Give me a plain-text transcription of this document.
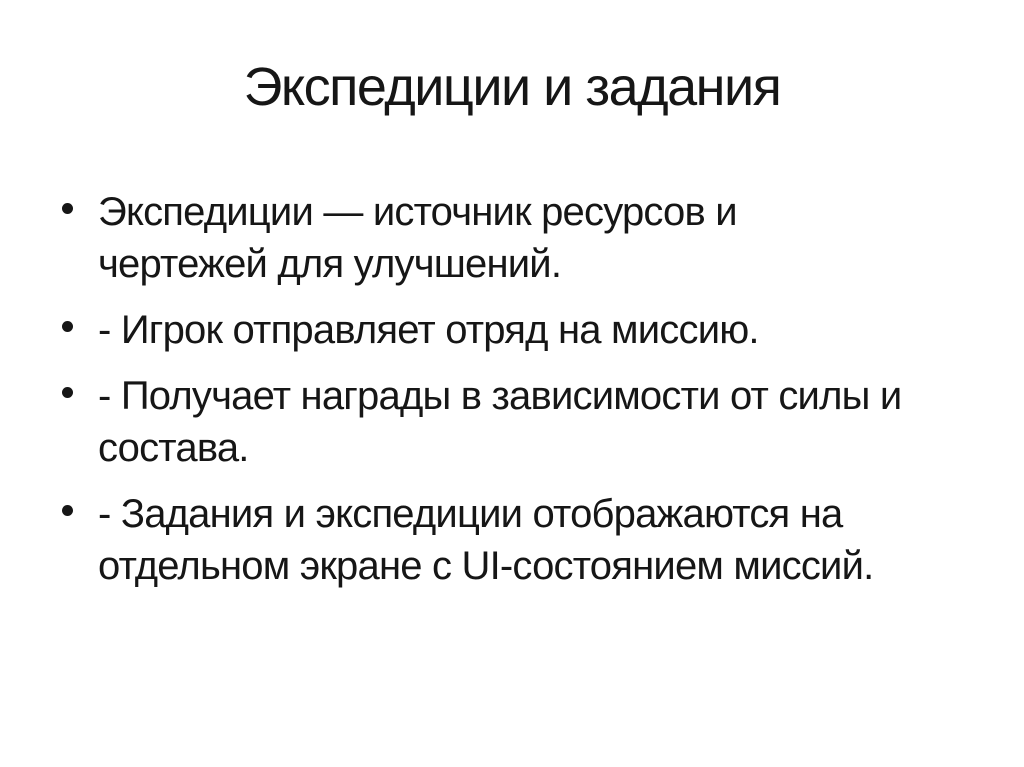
Экспедиции и задания
Экспедиции — источник ресурсов и
чертежей для улучшений.
- Игрок отправляет отряд на миссию.
- Получает награды в зависимости от силы и
состава.
- Задания и экспедиции отображаются на
отдельном экране с UI-состоянием миссий.
